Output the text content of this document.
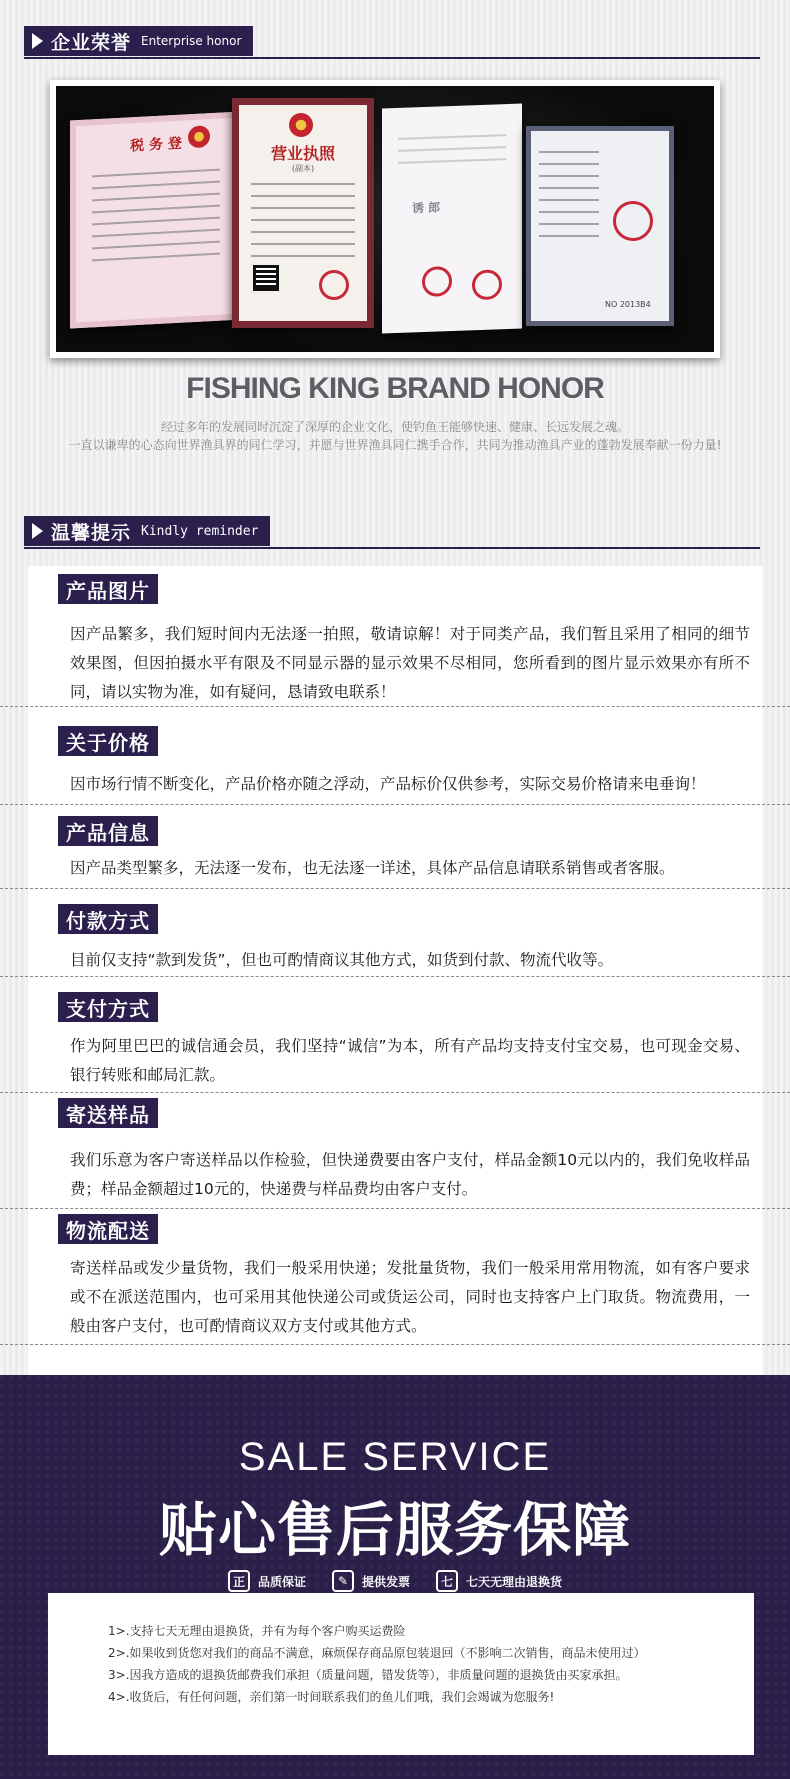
企业荣誉 Enterprise honor
税 务 登	营业执照
(副本)
诱 郎
NO 2013B4
FISHING KING BRAND HONOR
经过多年的发展同时沉淀了深厚的企业文化，使钓鱼王能够快速、健康、长远发展之魂。
一直以谦卑的心态向世界渔具界的同仁学习，并愿与世界渔具同仁携手合作，共同为推动渔具产业的蓬勃发展奉献一份力量!
温馨提示 Kindly reminder
产品图片
因产品繁多，我们短时间内无法逐一拍照，敬请谅解！对于同类产品，我们暂且采用了相同的细节效果图，但因拍摄水平有限及不同显示器的显示效果不尽相同，您所看到的图片显示效果亦有所不同，请以实物为准，如有疑问，恳请致电联系！
关于价格
因市场行情不断变化，产品价格亦随之浮动，产品标价仅供参考，实际交易价格请来电垂询！
产品信息
因产品类型繁多，无法逐一发布，也无法逐一详述，具体产品信息请联系销售或者客服。
付款方式
目前仅支持“款到发货”，但也可酌情商议其他方式，如货到付款、物流代收等。
支付方式
作为阿里巴巴的诚信通会员，我们坚持“诚信”为本，所有产品均支持支付宝交易，也可现金交易、银行转账和邮局汇款。
寄送样品
我们乐意为客户寄送样品以作检验，但快递费要由客户支付，样品金额10元以内的，我们免收样品费；样品金额超过10元的，快递费与样品费均由客户支付。
物流配送
寄送样品或发少量货物，我们一般采用快递；发批量货物，我们一般采用常用物流，如有客户要求或不在派送范围内，也可采用其他快递公司或货运公司，同时也支持客户上门取货。物流费用，一般由客户支付，也可酌情商议双方支付或其他方式。
SALE SERVICE
贴心售后服务保障
正	品质保证	✎	提供发票	七	七天无理由退换货
1>.支持七天无理由退换货，并有为每个客户购买运费险
2>.如果收到货您对我们的商品不满意，麻烦保存商品原包装退回（不影响二次销售，商品未使用过）
3>.因我方造成的退换货邮费我们承担（质量问题，错发货等），非质量问题的退换货由买家承担。
4>.收货后，有任何问题，亲们第一时间联系我们的鱼儿们哦，我们会竭诚为您服务!
